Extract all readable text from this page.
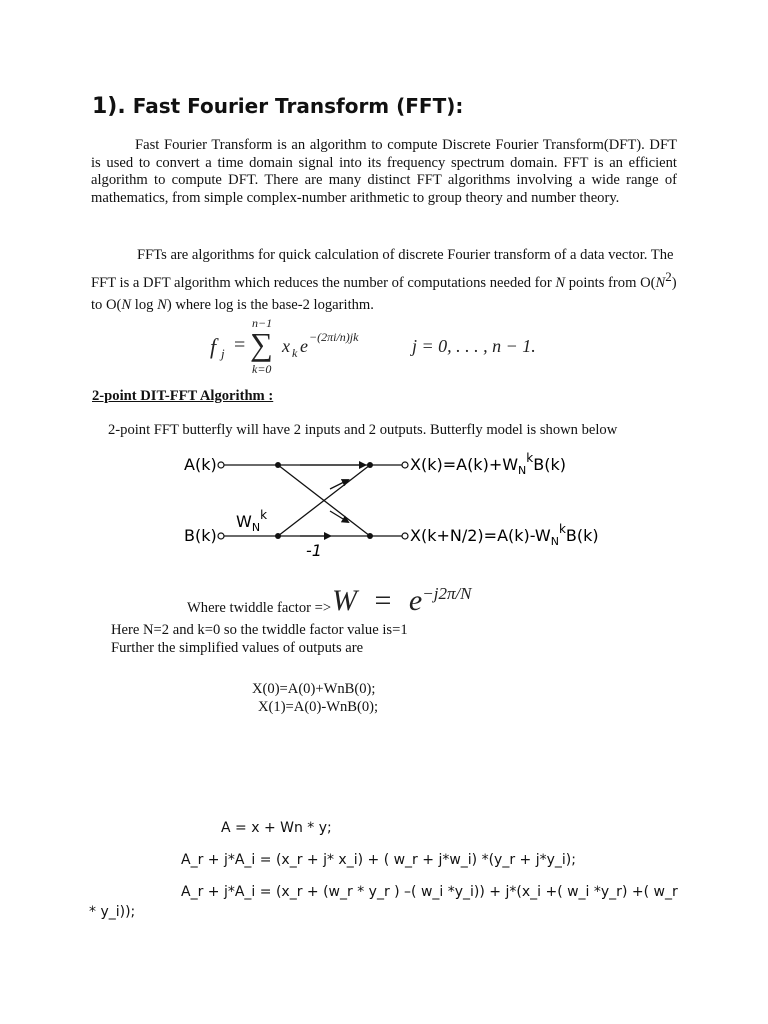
1). Fast Fourier Transform (FFT):
Fast Fourier Transform is an algorithm to compute Discrete Fourier Transform(DFT). DFT is used to convert a time domain signal into its frequency spectrum domain. FFT is an efficient algorithm to compute DFT. There are many distinct FFT algorithms involving a wide range of mathematics, from simple complex-number arithmetic to group theory and number theory.
FFTs are algorithms for quick calculation of discrete Fourier transform of a data vector. The FFT is a DFT algorithm which reduces the number of computations needed for N points from $O(N^2)$ to O(N log N) where log is the base-2 logarithm.
f j =
n−1
∑
k=0
x k e −(2πi/n)jk	j = 0, . . . , n − 1.
2-point DIT-FFT Algorithm :
2-point FFT butterfly will have 2 inputs and 2 outputs. Butterfly model is shown below
A(k)
B(k)
$W_N^k$
-1
$X(k)=A(k)+W_N^kB(k)$
$X(k+N/2)=A(k)-W_N^kB(k)$
Where twiddle factor => $W = e^{-j2\pi/N}$
Here N=2 and k=0 so the twiddle factor value is=1
Further the simplified values of outputs are
X(0)=A(0)+WnB(0);
X(1)=A(0)-WnB(0);
A = x + Wn * y;
A_r + j*A_i = (x_r + j* x_i) + ( w_r + j*w_i) *(y_r + j*y_i);
A_r + j*A_i = (x_r + (w_r * y_r ) –( w_i *y_i)) + j*(x_i +( w_i *y_r) +( w_r
* y_i));
